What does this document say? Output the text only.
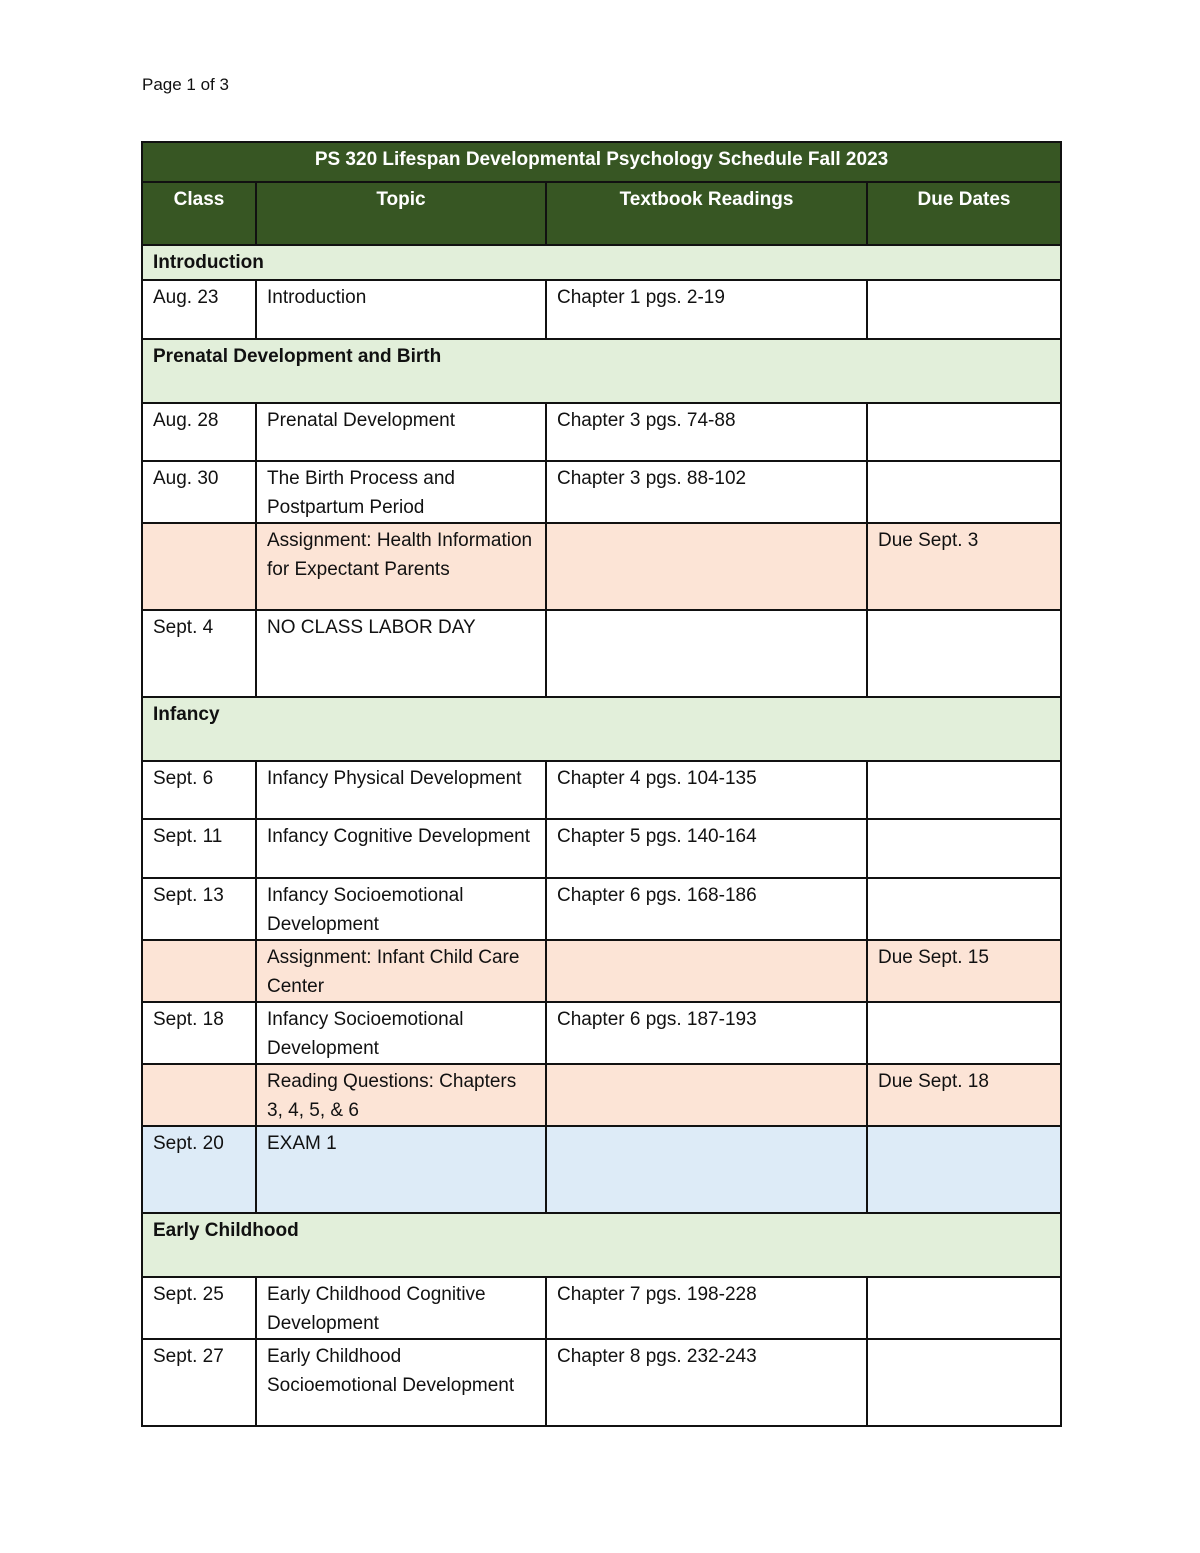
Page 1 of 3
PS 320 Lifespan Developmental Psychology Schedule Fall 2023			
Class	Topic	Textbook Readings	Due Dates
Introduction			
Aug. 23	Introduction	Chapter 1 pgs. 2-19	
Prenatal Development and Birth			
Aug. 28	Prenatal Development	Chapter 3 pgs. 74-88	
Aug. 30	The Birth Process and Postpartum Period	Chapter 3 pgs. 88-102	
	Assignment: Health Information for Expectant Parents		Due Sept. 3
Sept. 4	NO CLASS LABOR DAY		
Infancy			
Sept. 6	Infancy Physical Development	Chapter 4 pgs. 104-135	
Sept. 11	Infancy Cognitive Development	Chapter 5 pgs. 140-164	
Sept. 13	Infancy Socioemotional Development	Chapter 6 pgs. 168-186	
	Assignment: Infant Child Care Center		Due Sept. 15
Sept. 18	Infancy Socioemotional Development	Chapter 6 pgs. 187-193	
	Reading Questions: Chapters 3, 4, 5, & 6		Due Sept. 18
Sept. 20	EXAM 1		
Early Childhood			
Sept. 25	Early Childhood Cognitive Development	Chapter 7 pgs. 198-228	
Sept. 27	Early Childhood Socioemotional Development	Chapter 8 pgs. 232-243	
